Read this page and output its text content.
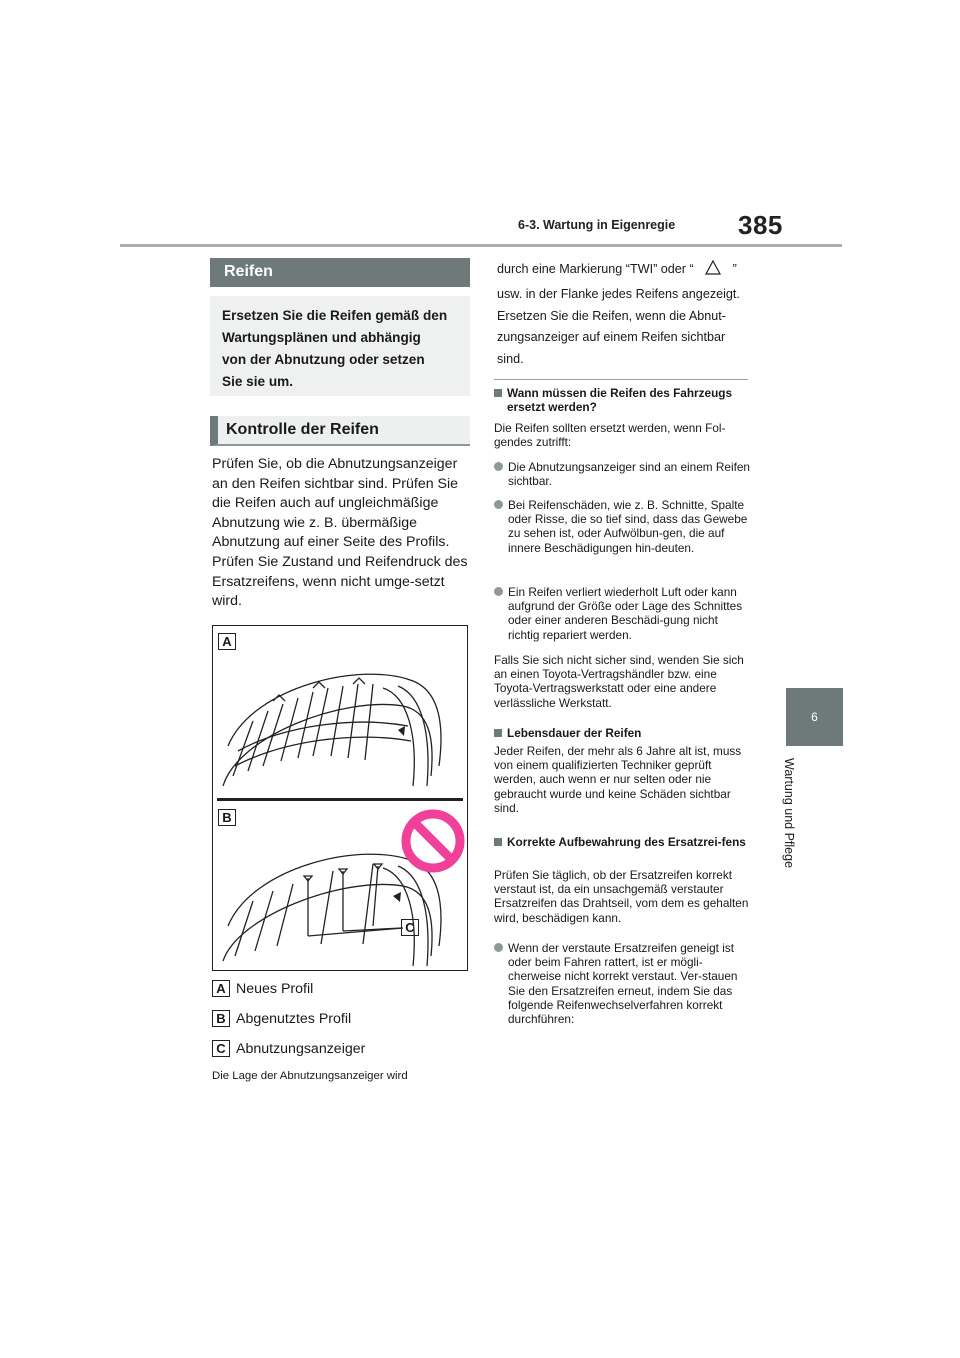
6-3. Wartung in Eigenregie 385
6
Wartung und Pflege
Reifen
Ersetzen Sie die Reifen gemäß den
Wartungsplänen und abhängig
von der Abnutzung oder setzen
Sie sie um.
Kontrolle der Reifen

Prüfen Sie, ob die Abnutzungsanzeiger an den Reifen sichtbar sind. Prüfen Sie die Reifen auch auf ungleichmäßige Abnutzung wie z. B. übermäßige Abnutzung auf einer Seite des Profils.

Prüfen Sie Zustand und Reifendruck des Ersatzreifens, wenn nicht umge-setzt wird.

A
B
C
A Neues Profil
B Abgenutztes Profil
C Abnutzungsanzeiger
Die Lage der Abnutzungsanzeiger wird
durch eine Markierung “TWI” oder “	”
usw. in der Flanke jedes Reifens angezeigt.
Ersetzen Sie die Reifen, wenn die Abnut-
zungsanzeiger auf einem Reifen sichtbar
sind.
Wann müssen die Reifen des Fahrzeugs ersetzt werden?

Die Reifen sollten ersetzt werden, wenn Fol-gendes zutrifft:

Die Abnutzungsanzeiger sind an einem Reifen sichtbar.
Bei Reifenschäden, wie z. B. Schnitte, Spalte oder Risse, die so tief sind, dass das Gewebe zu sehen ist, oder Aufwölbun-gen, die auf innere Beschädigungen hin-deuten.
Ein Reifen verliert wiederholt Luft oder kann aufgrund der Größe oder Lage des Schnittes oder einer anderen Beschädi-gung nicht richtig repariert werden.

Falls Sie sich nicht sicher sind, wenden Sie sich an einen Toyota-Vertragshändler bzw. eine Toyota-Vertragswerkstatt oder eine andere verlässliche Werkstatt.

Lebensdauer der Reifen

Jeder Reifen, der mehr als 6 Jahre alt ist, muss von einem qualifizierten Techniker geprüft werden, auch wenn er nur selten oder nie gebraucht wurde und keine Schäden sichtbar sind.

Korrekte Aufbewahrung des Ersatzrei-fens

Prüfen Sie täglich, ob der Ersatzreifen korrekt verstaut ist, da ein unsachgemäß verstauter Ersatzreifen das Drahtseil, vom dem es gehalten wird, beschädigen kann.

Wenn der verstaute Ersatzreifen geneigt ist oder beim Fahren rattert, ist er mögli-cherweise nicht korrekt verstaut. Ver-stauen Sie den Ersatzreifen erneut, indem Sie das folgende Reifenwechselverfahren korrekt durchführen:
